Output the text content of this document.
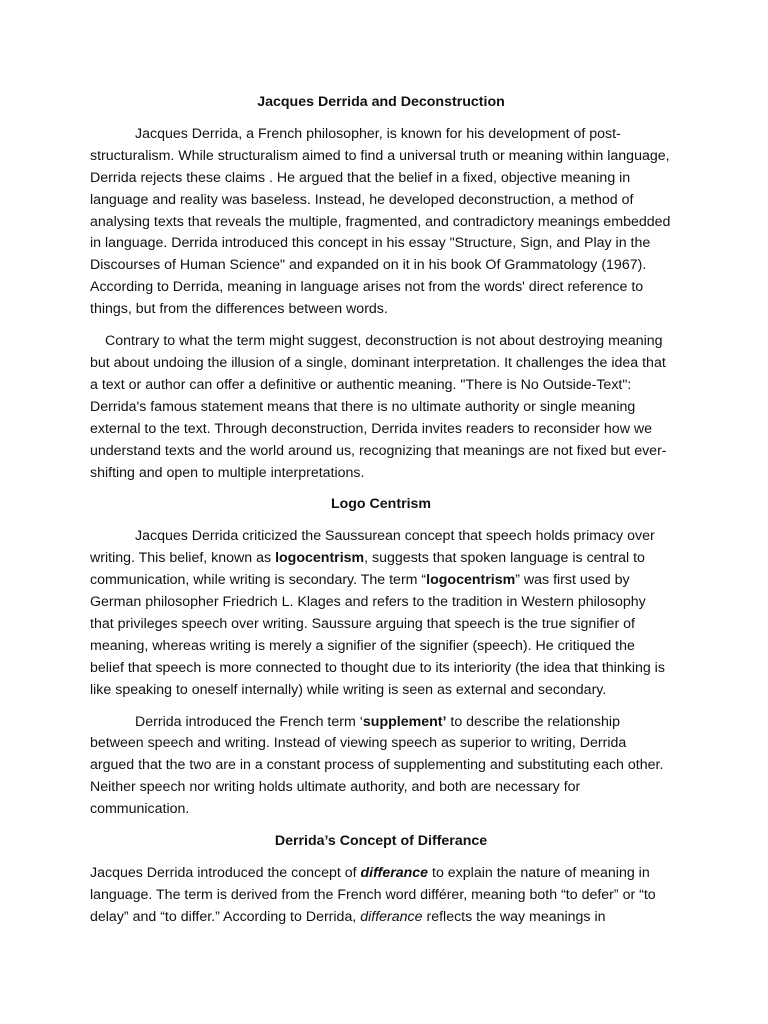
Jacques Derrida and Deconstruction

Jacques Derrida, a French philosopher, is known for his development of post-structuralism. While structuralism aimed to find a universal truth or meaning within language, Derrida rejects these claims . He argued that the belief in a fixed, objective meaning in language and reality was baseless. Instead, he developed deconstruction, a method of analysing texts that reveals the multiple, fragmented, and contradictory meanings embedded in language. Derrida introduced this concept in his essay "Structure, Sign, and Play in the Discourses of Human Science" and expanded on it in his book Of Grammatology (1967). According to Derrida, meaning in language arises not from the words' direct reference to things, but from the differences between words.

Contrary to what the term might suggest, deconstruction is not about destroying meaning but about undoing the illusion of a single, dominant interpretation. It challenges the idea that a text or author can offer a definitive or authentic meaning. "There is No Outside-Text": Derrida's famous statement means that there is no ultimate authority or single meaning external to the text. Through deconstruction, Derrida invites readers to reconsider how we understand texts and the world around us, recognizing that meanings are not fixed but ever-shifting and open to multiple interpretations.

Logo Centrism

Jacques Derrida criticized the Saussurean concept that speech holds primacy over writing. This belief, known as logocentrism, suggests that spoken language is central to communication, while writing is secondary. The term “logocentrism” was first used by German philosopher Friedrich L. Klages and refers to the tradition in Western philosophy that privileges speech over writing. Saussure arguing that speech is the true signifier of meaning, whereas writing is merely a signifier of the signifier (speech). He critiqued the belief that speech is more connected to thought due to its interiority (the idea that thinking is like speaking to oneself internally) while writing is seen as external and secondary.

Derrida introduced the French term ‘supplement’ to describe the relationship between speech and writing. Instead of viewing speech as superior to writing, Derrida argued that the two are in a constant process of supplementing and substituting each other. Neither speech nor writing holds ultimate authority, and both are necessary for communication.

Derrida’s Concept of Differance

Jacques Derrida introduced the concept of differance to explain the nature of meaning in language. The term is derived from the French word différer, meaning both “to defer” or “to delay” and “to differ.” According to Derrida, differance reflects the way meanings in
